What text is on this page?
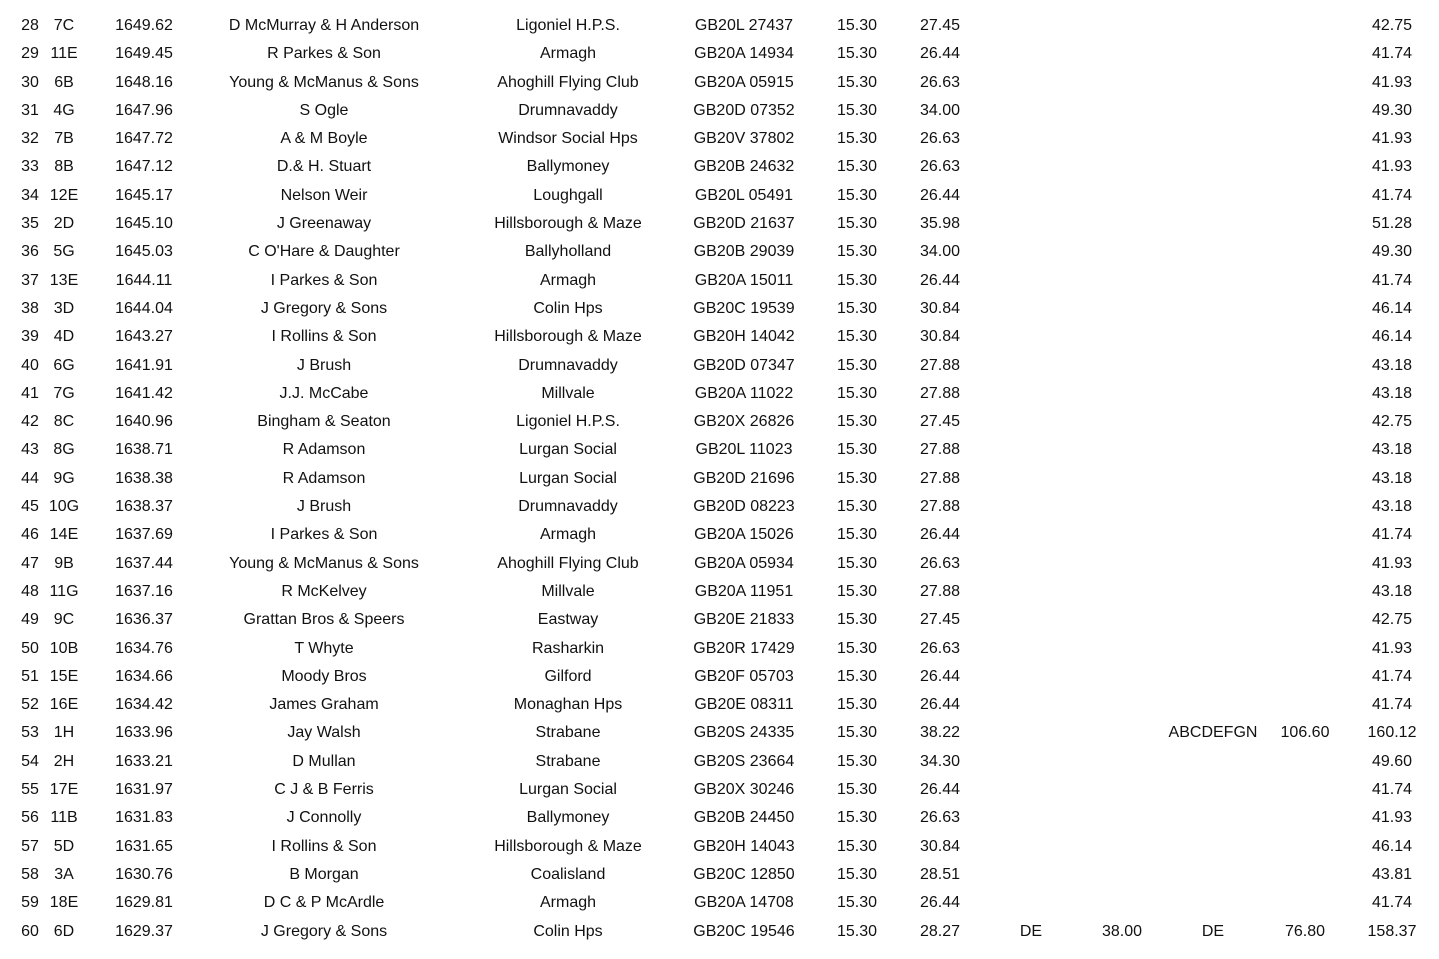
28 7C	1649.62	D McMurray & H Anderson	Ligoniel H.P.S.	GB20L 27437	15.30	27.45	42.75
29 11E	1649.45	R Parkes & Son	Armagh	GB20A 14934	15.30	26.44	41.74
30 6B	1648.16	Young & McManus & Sons	Ahoghill Flying Club	GB20A 05915	15.30	26.63	41.93
31 4G	1647.96	S Ogle	Drumnavaddy	GB20D 07352	15.30	34.00	49.30
32 7B	1647.72	A & M Boyle	Windsor Social Hps	GB20V 37802	15.30	26.63	41.93
33 8B	1647.12	D.& H. Stuart	Ballymoney	GB20B 24632	15.30	26.63	41.93
34 12E	1645.17	Nelson Weir	Loughgall	GB20L 05491	15.30	26.44	41.74
35 2D	1645.10	J Greenaway	Hillsborough & Maze	GB20D 21637	15.30	35.98	51.28
36 5G	1645.03	C O'Hare & Daughter	Ballyholland	GB20B 29039	15.30	34.00	49.30
37 13E	1644.11	I Parkes & Son	Armagh	GB20A 15011	15.30	26.44	41.74
38 3D	1644.04	J Gregory & Sons	Colin Hps	GB20C 19539	15.30	30.84	46.14
39 4D	1643.27	I Rollins & Son	Hillsborough & Maze	GB20H 14042	15.30	30.84	46.14
40 6G	1641.91	J Brush	Drumnavaddy	GB20D 07347	15.30	27.88	43.18
41 7G	1641.42	J.J. McCabe	Millvale	GB20A 11022	15.30	27.88	43.18
42 8C	1640.96	Bingham & Seaton	Ligoniel H.P.S.	GB20X 26826	15.30	27.45	42.75
43 8G	1638.71	R Adamson	Lurgan Social	GB20L 11023	15.30	27.88	43.18
44 9G	1638.38	R Adamson	Lurgan Social	GB20D 21696	15.30	27.88	43.18
45 10G	1638.37	J Brush	Drumnavaddy	GB20D 08223	15.30	27.88	43.18
46 14E	1637.69	I Parkes & Son	Armagh	GB20A 15026	15.30	26.44	41.74
47 9B	1637.44	Young & McManus & Sons	Ahoghill Flying Club	GB20A 05934	15.30	26.63	41.93
48 11G	1637.16	R McKelvey	Millvale	GB20A 11951	15.30	27.88	43.18
49 9C	1636.37	Grattan Bros & Speers	Eastway	GB20E 21833	15.30	27.45	42.75
50 10B	1634.76	T Whyte	Rasharkin	GB20R 17429	15.30	26.63	41.93
51 15E	1634.66	Moody Bros	Gilford	GB20F 05703	15.30	26.44	41.74
52 16E	1634.42	James Graham	Monaghan Hps	GB20E 08311	15.30	26.44	41.74
53 1H	1633.96	Jay Walsh	Strabane	GB20S 24335	15.30	38.22	ABCDEFGN	106.60	160.12
54 2H	1633.21	D Mullan	Strabane	GB20S 23664	15.30	34.30	49.60
55 17E	1631.97	C J & B Ferris	Lurgan Social	GB20X 30246	15.30	26.44	41.74
56 11B	1631.83	J Connolly	Ballymoney	GB20B 24450	15.30	26.63	41.93
57 5D	1631.65	I Rollins & Son	Hillsborough & Maze	GB20H 14043	15.30	30.84	46.14
58 3A	1630.76	B Morgan	Coalisland	GB20C 12850	15.30	28.51	43.81
59 18E	1629.81	D C & P McArdle	Armagh	GB20A 14708	15.30	26.44	41.74
60 6D	1629.37	J Gregory & Sons	Colin Hps	GB20C 19546	15.30	28.27	DE	38.00	DE	76.80	158.37
